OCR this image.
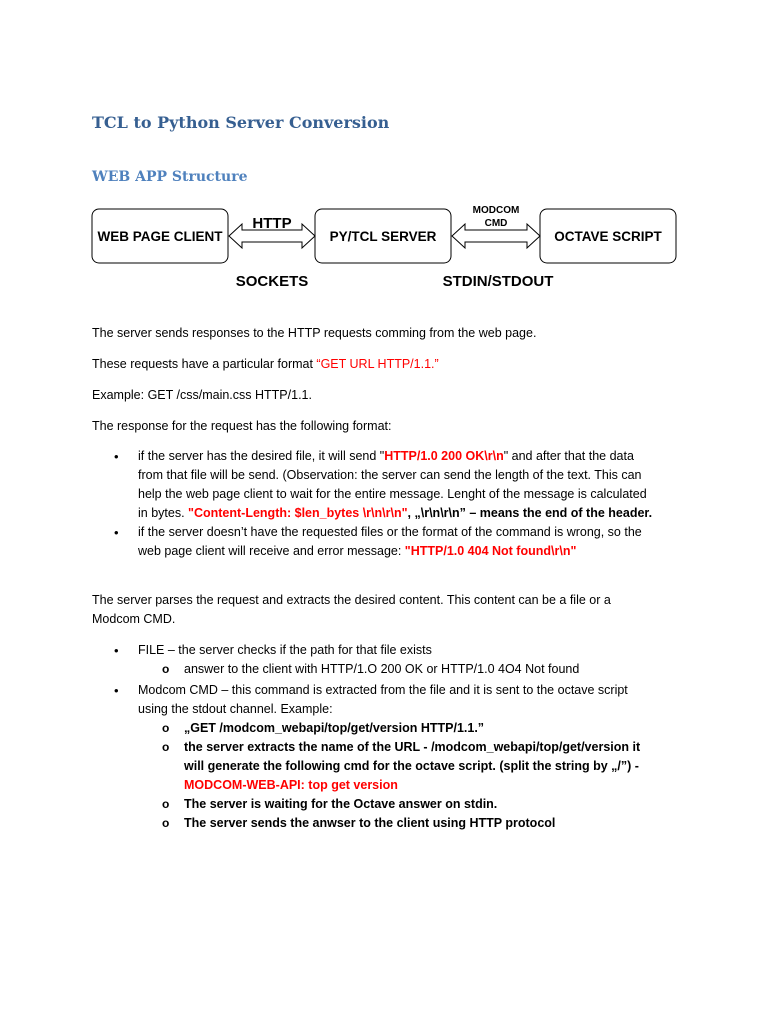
TCL to Python Server Conversion
WEB APP Structure
WEB PAGE CLIENT	PY/TCL SERVER	OCTAVE SCRIPT
HTTP
MODCOM
CMD
SOCKETS	STDIN/STDOUT

The server sends responses to the HTTP requests comming from the web page.

These requests have a particular format “GET URL HTTP/1.1.”

Example: GET /css/main.css HTTP/1.1.

The response for the request has the following format:

• if the server has the desired file, it will send "HTTP/1.0 200 OK\r\n" and after that the data
from that file will be send. (Observation: the server can send the length of the text. This can
help the web page client to wait for the entire message. Lenght of the message is calculated
in bytes. "Content-Length: $len_bytes \r\n\r\n", „\r\n\r\n” – means the end of the header.
• if the server doesn’t have the requested files or the format of the command is wrong, so the
web page client will receive and error message: "HTTP/1.0 404 Not found\r\n"
The server parses the request and extracts the desired content. This content can be a file or a
Modcom CMD.
• FILE – the server checks if the path for that file exists

o answer to the client with HTTP/1.O 200 OK or HTTP/1.0 4O4 Not found

• Modcom CMD – this command is extracted from the file and it is sent to the octave script
using the stdout channel. Example:
o „GET /modcom_webapi/top/get/version HTTP/1.1.”

o the server extracts the name of the URL - /modcom_webapi/top/get/version it
will generate the following cmd for the octave script. (split the string by „/”) -
MODCOM-WEB-API: top get version
o The server is waiting for the Octave answer on stdin.

o The server sends the anwser to the client using HTTP protocol
